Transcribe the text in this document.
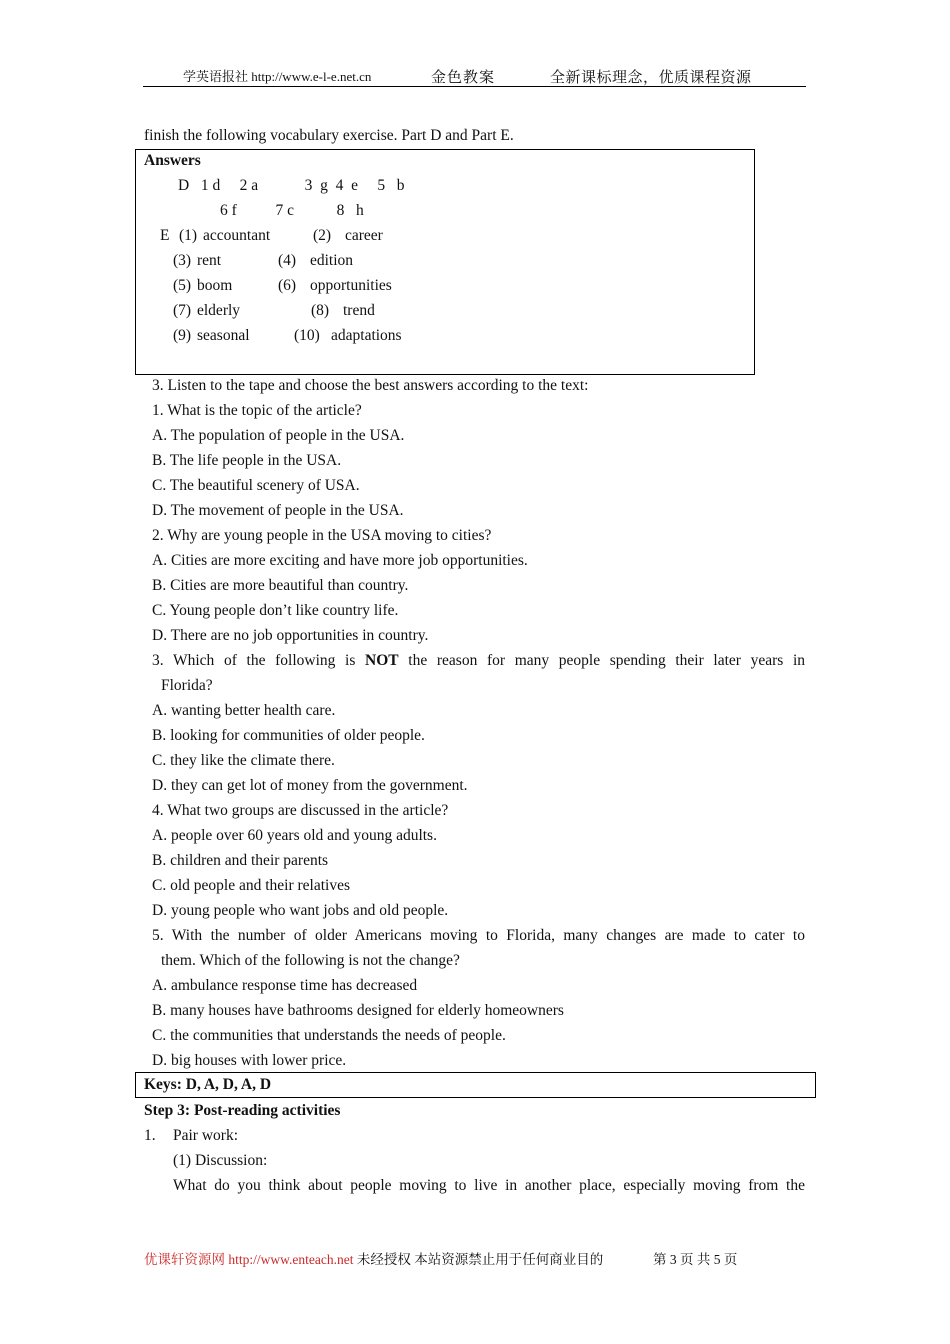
学英语报社 http://www.e-l-e.net.cn	金色教案	全新课标理念，优质课程资源
finish the following vocabulary exercise. Part D and Part E.
Answers
D   1 d     2 a            3  g  4  e     5   b
6 f          7 c           8   h
E (1) accountant	(2) career
(3) rent	(4) edition
(5) boom	(6) opportunities
(7) elderly	(8) trend
(9) seasonal	(10) adaptations
3. Listen to the tape and choose the best answers according to the text:
1. What is the topic of the article?
A. The population of people in the USA.
B. The life people in the USA.
C. The beautiful scenery of USA.
D. The movement of people in the USA.
2. Why are young people in the USA moving to cities?
A. Cities are more exciting and have more job opportunities.
B. Cities are more beautiful than country.
C. Young people don’t like country life.
D. There are no job opportunities in country.
3. Which of the following is NOT the reason for many people spending their later years in
Florida?
A. wanting better health care.
B. looking for communities of older people.
C. they like the climate there.
D. they can get lot of money from the government.
4. What two groups are discussed in the article?
A. people over 60 years old and young adults.
B. children and their parents
C. old people and their relatives
D. young people who want jobs and old people.
5. With the number of older Americans moving to Florida, many changes are made to cater to
them. Which of the following is not the change?
A. ambulance response time has decreased
B. many houses have bathrooms designed for elderly homeowners
C. the communities that understands the needs of people.
D. big houses with lower price.
Keys: D, A, D, A, D
Step 3: Post-reading activities
1. Pair work:
(1) Discussion:
What do you think about people moving to live in another place, especially moving from the
优课轩资源网 http://www.enteach.net 未经授权 本站资源禁止用于任何商业目的	第 3 页 共 5 页
